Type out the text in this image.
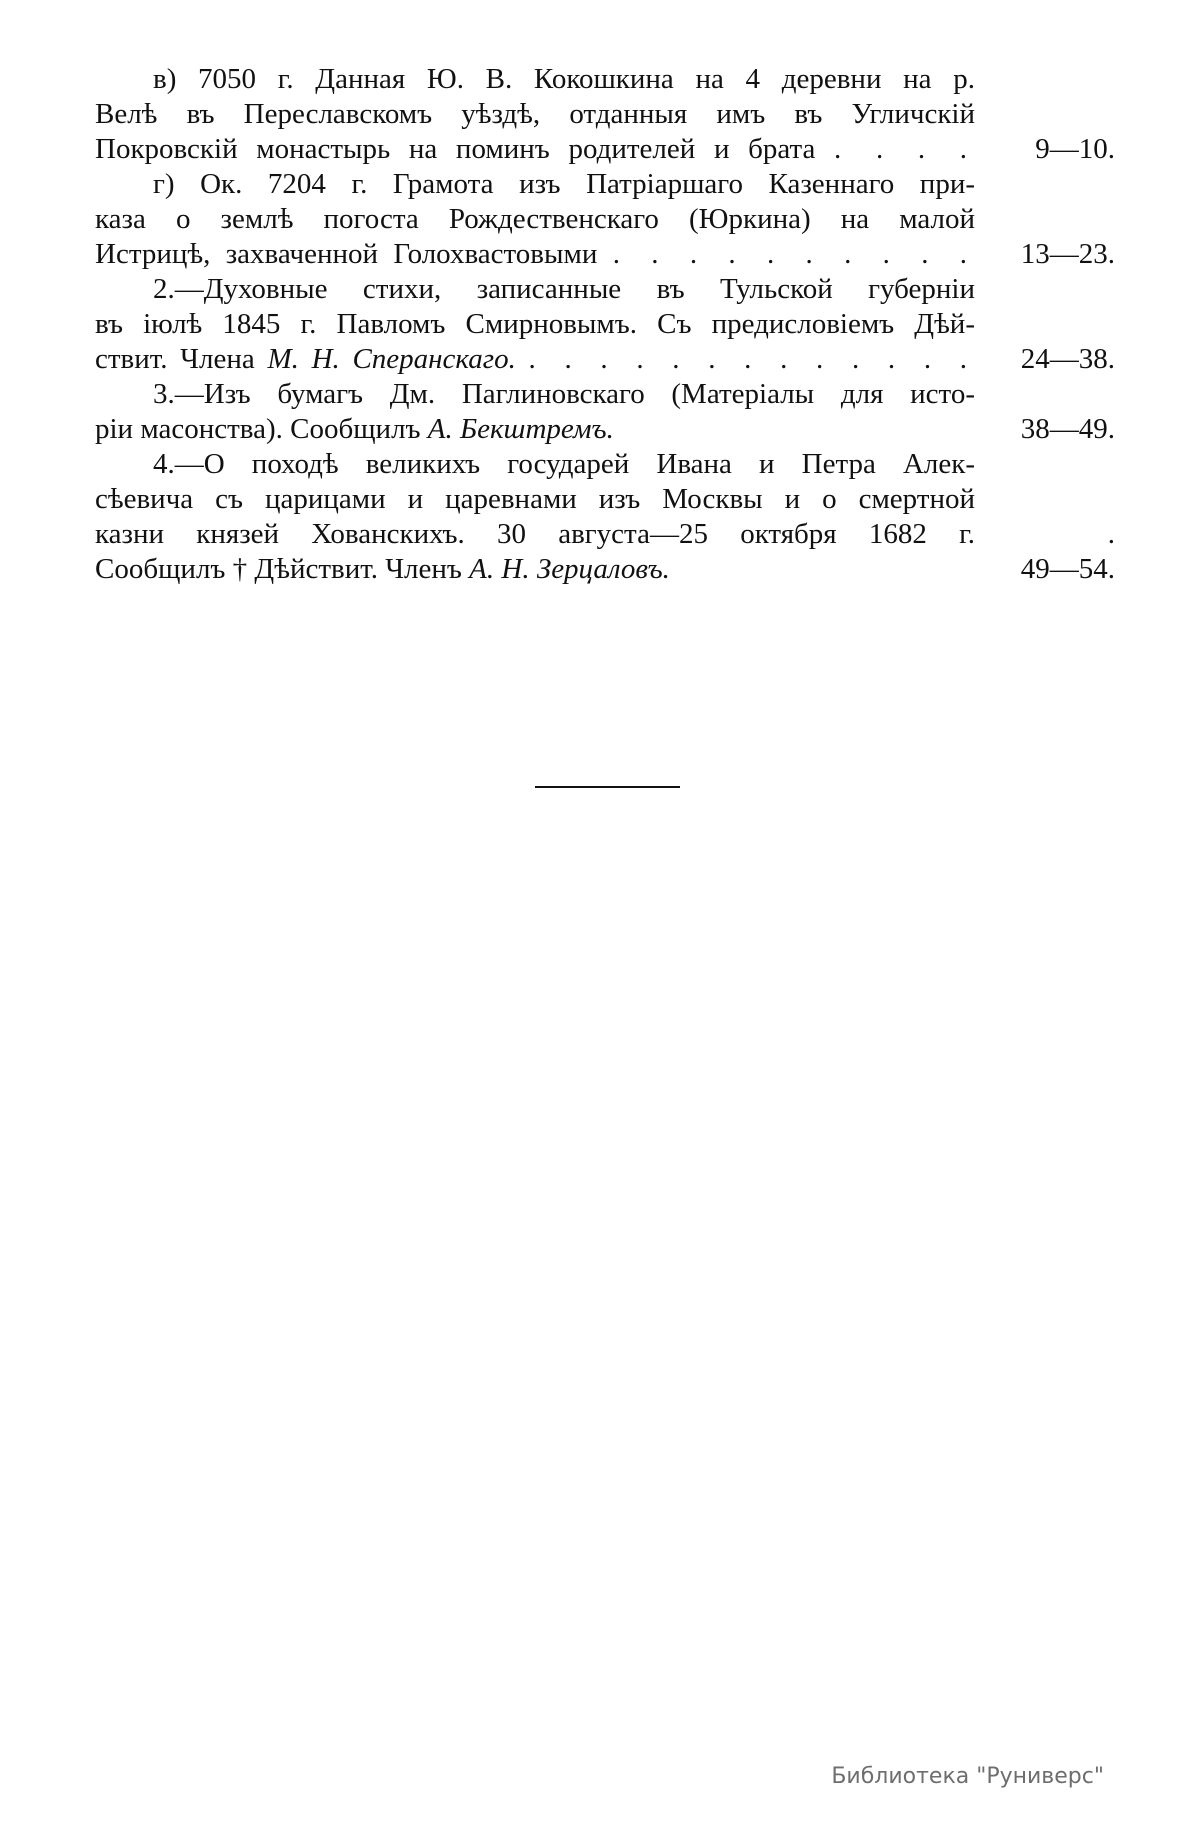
в) 7050 г. Данная Ю. В. Кокошкина на 4 деревни на р.
Велѣ въ Переславскомъ уѣздѣ, отданныя имъ въ Угличскій
Покровскій монастырь на поминъ родителей и брата . . . .	9—10.
г) Ок. 7204 г. Грамота изъ Патріаршаго Казеннаго при-
каза о землѣ погоста Рождественскаго (Юркина) на малой
Истрицѣ, захваченной Голохвастовыми . . . . . . . . . .	13—23.
2.—Духовные стихи, записанные въ Тульской губерніи
въ іюлѣ 1845 г. Павломъ Смирновымъ. Съ предисловіемъ Дѣй-
ствит. Члена М. Н. Сперанскаго. . . . . . . . . . . . . .	24—38.
3.—Изъ бумагъ Дм. Паглиновскаго (Матеріалы для исто-
ріи масонства). Сообщилъ А. Бекштремъ.	38—49.
4.—О походѣ великихъ государей Ивана и Петра Алек-
сѣевича съ царицами и царевнами изъ Москвы и о смертной
казни князей Хованскихъ. 30 августа—25 октября 1682 г.	.
Сообщилъ † Дѣйствит. Членъ А. Н. Зерцаловъ.	49—54.
Библиотека "Руниверс"
